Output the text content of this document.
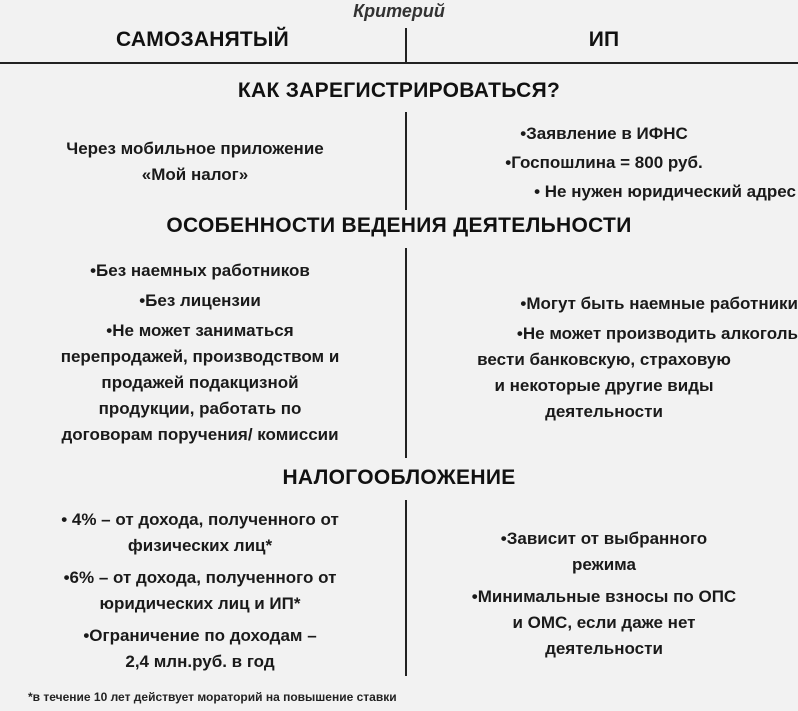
Критерий
САМОЗАНЯТЫЙ	ИП
КАК ЗАРЕГИСТРИРОВАТЬСЯ?
Через мобильное приложение
«Мой налог»
•Заявление в ИФНС
•Госпошлина = 800 руб.
• Не нужен юридический адрес
ОСОБЕННОСТИ ВЕДЕНИЯ ДЕЯТЕЛЬНОСТИ
•Без наемных работников
•Без лицензии
•Не может заниматься
перепродажей, производством и
продажей подакцизной
продукции, работать по
договорам поручения/ комиссии
•Могут быть наемные работники
•Не может производить алкоголь
вести банковскую, страховую
и некоторые другие виды
деятельности
НАЛОГООБЛОЖЕНИЕ
• 4% – от дохода, полученного от
физических лиц*
•6% – от дохода, полученного от
юридических лиц и ИП*
•Ограничение по доходам –
2,4 млн.руб. в год
•Зависит от выбранного
режима
•Минимальные взносы по ОПС
и ОМС, если даже нет
деятельности
*в течение 10 лет действует мораторий на повышение ставки
